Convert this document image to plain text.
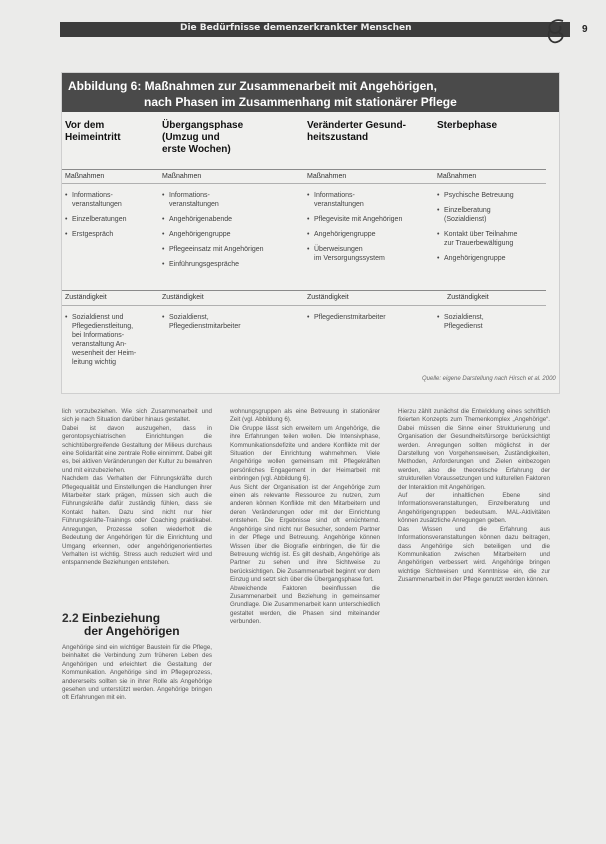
Die Bedürfnisse demenzerkrankter Menschen	9
Abbildung 6: Maßnahmen zur Zusammenarbeit mit Angehörigen,
nach Phasen im Zusammenhang mit stationärer Pflege
Vor dem
Heimeintritt
Übergangsphase
(Umzug und
erste Wochen)
Veränderter Gesund-
heitszustand
Sterbephase
Maßnahmen	Maßnahmen	Maßnahmen	Maßnahmen
• Informations-
veranstaltungen
• Einzelberatungen
• Erstgespräch
• Informations-
veranstaltungen
• Angehörigenabende
• Angehörigengruppe
• Pflegeeinsatz mit Angehörigen
• Einführungsgespräche
• Informations-
veranstaltungen
• Pflegevisite mit Angehörigen
• Angehörigengruppe
• Überweisungen
im Versorgungssystem
• Psychische Betreuung
• Einzelberatung
(Sozialdienst)
• Kontakt über Teilnahme
zur Trauerbewältigung
• Angehörigengruppe
Zuständigkeit	Zuständigkeit	Zuständigkeit	Zuständigkeit
• Sozialdienst und
Pflegedienstleitung,
bei Informations-
veranstaltung An-
wesenheit der Heim-
leitung wichtig
• Sozialdienst,
Pflegedienstmitarbeiter
• Pflegedienstmitarbeiter
•	Sozialdienst,
Pflegedienst
Quelle: eigene Darstellung nach Hirsch et al. 2000
lich vorzubeziehen. Wie sich Zusammenarbeit und sich je nach Situation darüber hinaus gestaltet.
Dabei ist davon auszugehen, dass in gerontopsychiatrischen Einrichtungen die schichtübergreifende Gestaltung der Milieus durchaus eine Solidarität eine zentrale Rolle einnimmt. Dabei gilt es, bei aktiven Veränderungen der Kultur zu bewahren und mit einzubeziehen.
Nachdem das Verhalten der Führungskräfte durch Pflegequalität und Einstellungen die Handlungen ihrer Mitarbeiter stark prägen, müssen sich auch die Führungskräfte dafür zuständig fühlen, dass sie Kontakt halten. Dazu sind nicht nur hier Führungskräfte-Trainings oder Coaching praktikabel. Anregungen, Prozesse sollen wiederholt die Bedeutung der Angehörigen für die Einrichtung und Umgang erkennen, oder angehörigenorientiertes Verhalten ist wichtig. Stress auch reduziert wird und entspannende Beziehungen entstehen.
2.2 Einbeziehung
der Angehörigen
Angehörige sind ein wichtiger Baustein für die Pflege, beinhaltet die Verbindung zum früheren Leben des Angehörigen und erleichtert die Gestaltung der Kommunikation. Angehörige sind im Pflegeprozess, andererseits sollten sie in ihrer Rolle als Angehörige gesehen und unterstützt werden. Angehörige bringen oft Erfahrungen mit ein.
wohnungsgruppen als eine Betreuung in stationärer Zeit (vgl. Abbildung 6).
Die Gruppe lässt sich erweitern um Angehörige, die ihre Erfahrungen teilen wollen. Die Intensivphase, Kommunikationsdefizite und andere Konflikte mit der Situation der Einrichtung wahrnehmen. Viele Angehörige wollen gemeinsam mit Pflegekräften persönliches Engagement in der Heimarbeit mit einbringen (vgl. Abbildung 6).
Aus Sicht der Organisation ist der Angehörige zum einen als relevante Ressource zu nutzen, zum anderen können Konflikte mit den Mitarbeitern und deren Veränderungen oder mit der Einrichtung entstehen. Die Ergebnisse sind oft ernüchternd. Angehörige sind nicht nur Besucher, sondern Partner in der Pflege und Betreuung. Angehörige können Wissen über die Biografie einbringen, die für die Betreuung wichtig ist. Es gilt deshalb, Angehörige als Partner zu sehen und ihre Sichtweise zu berücksichtigen. Die Zusammenarbeit beginnt vor dem Einzug und setzt sich über die Übergangsphase fort.
Abweichende Faktoren beeinflussen die Zusammenarbeit und Beziehung in gemeinsamer Grundlage. Die Zusammenarbeit kann unterschiedlich gestaltet werden, die Phasen sind miteinander verbunden.
Hierzu zählt zunächst die Entwicklung eines schriftlich fixierten Konzepts zum Themenkomplex „Angehörige“. Dabei müssen die Sinne einer Strukturierung und Organisation der Gesundheitsfürsorge berücksichtigt werden. Anregungen sollten möglichst in der Darstellung von Vorgehensweisen, Zuständigkeiten, Methoden, Anforderungen und Zielen einbezogen werden, also die theoretische Erfahrung der strukturellen Voraussetzungen und kulturellen Faktoren der Interaktion mit Angehörigen.
Auf der inhaltlichen Ebene sind Informationsveranstaltungen, Einzelberatung und Angehörigengruppen bedeutsam. MAL-Aktivitäten können zusätzliche Anregungen geben.
Das Wissen und die Erfahrung aus Informationsveranstaltungen können dazu beitragen, dass Angehörige sich beteiligen und die Kommunikation zwischen Mitarbeitern und Angehörigen verbessert wird. Angehörige bringen wichtige Sichtweisen und Kenntnisse ein, die zur Zusammenarbeit in der Pflege genutzt werden können.
